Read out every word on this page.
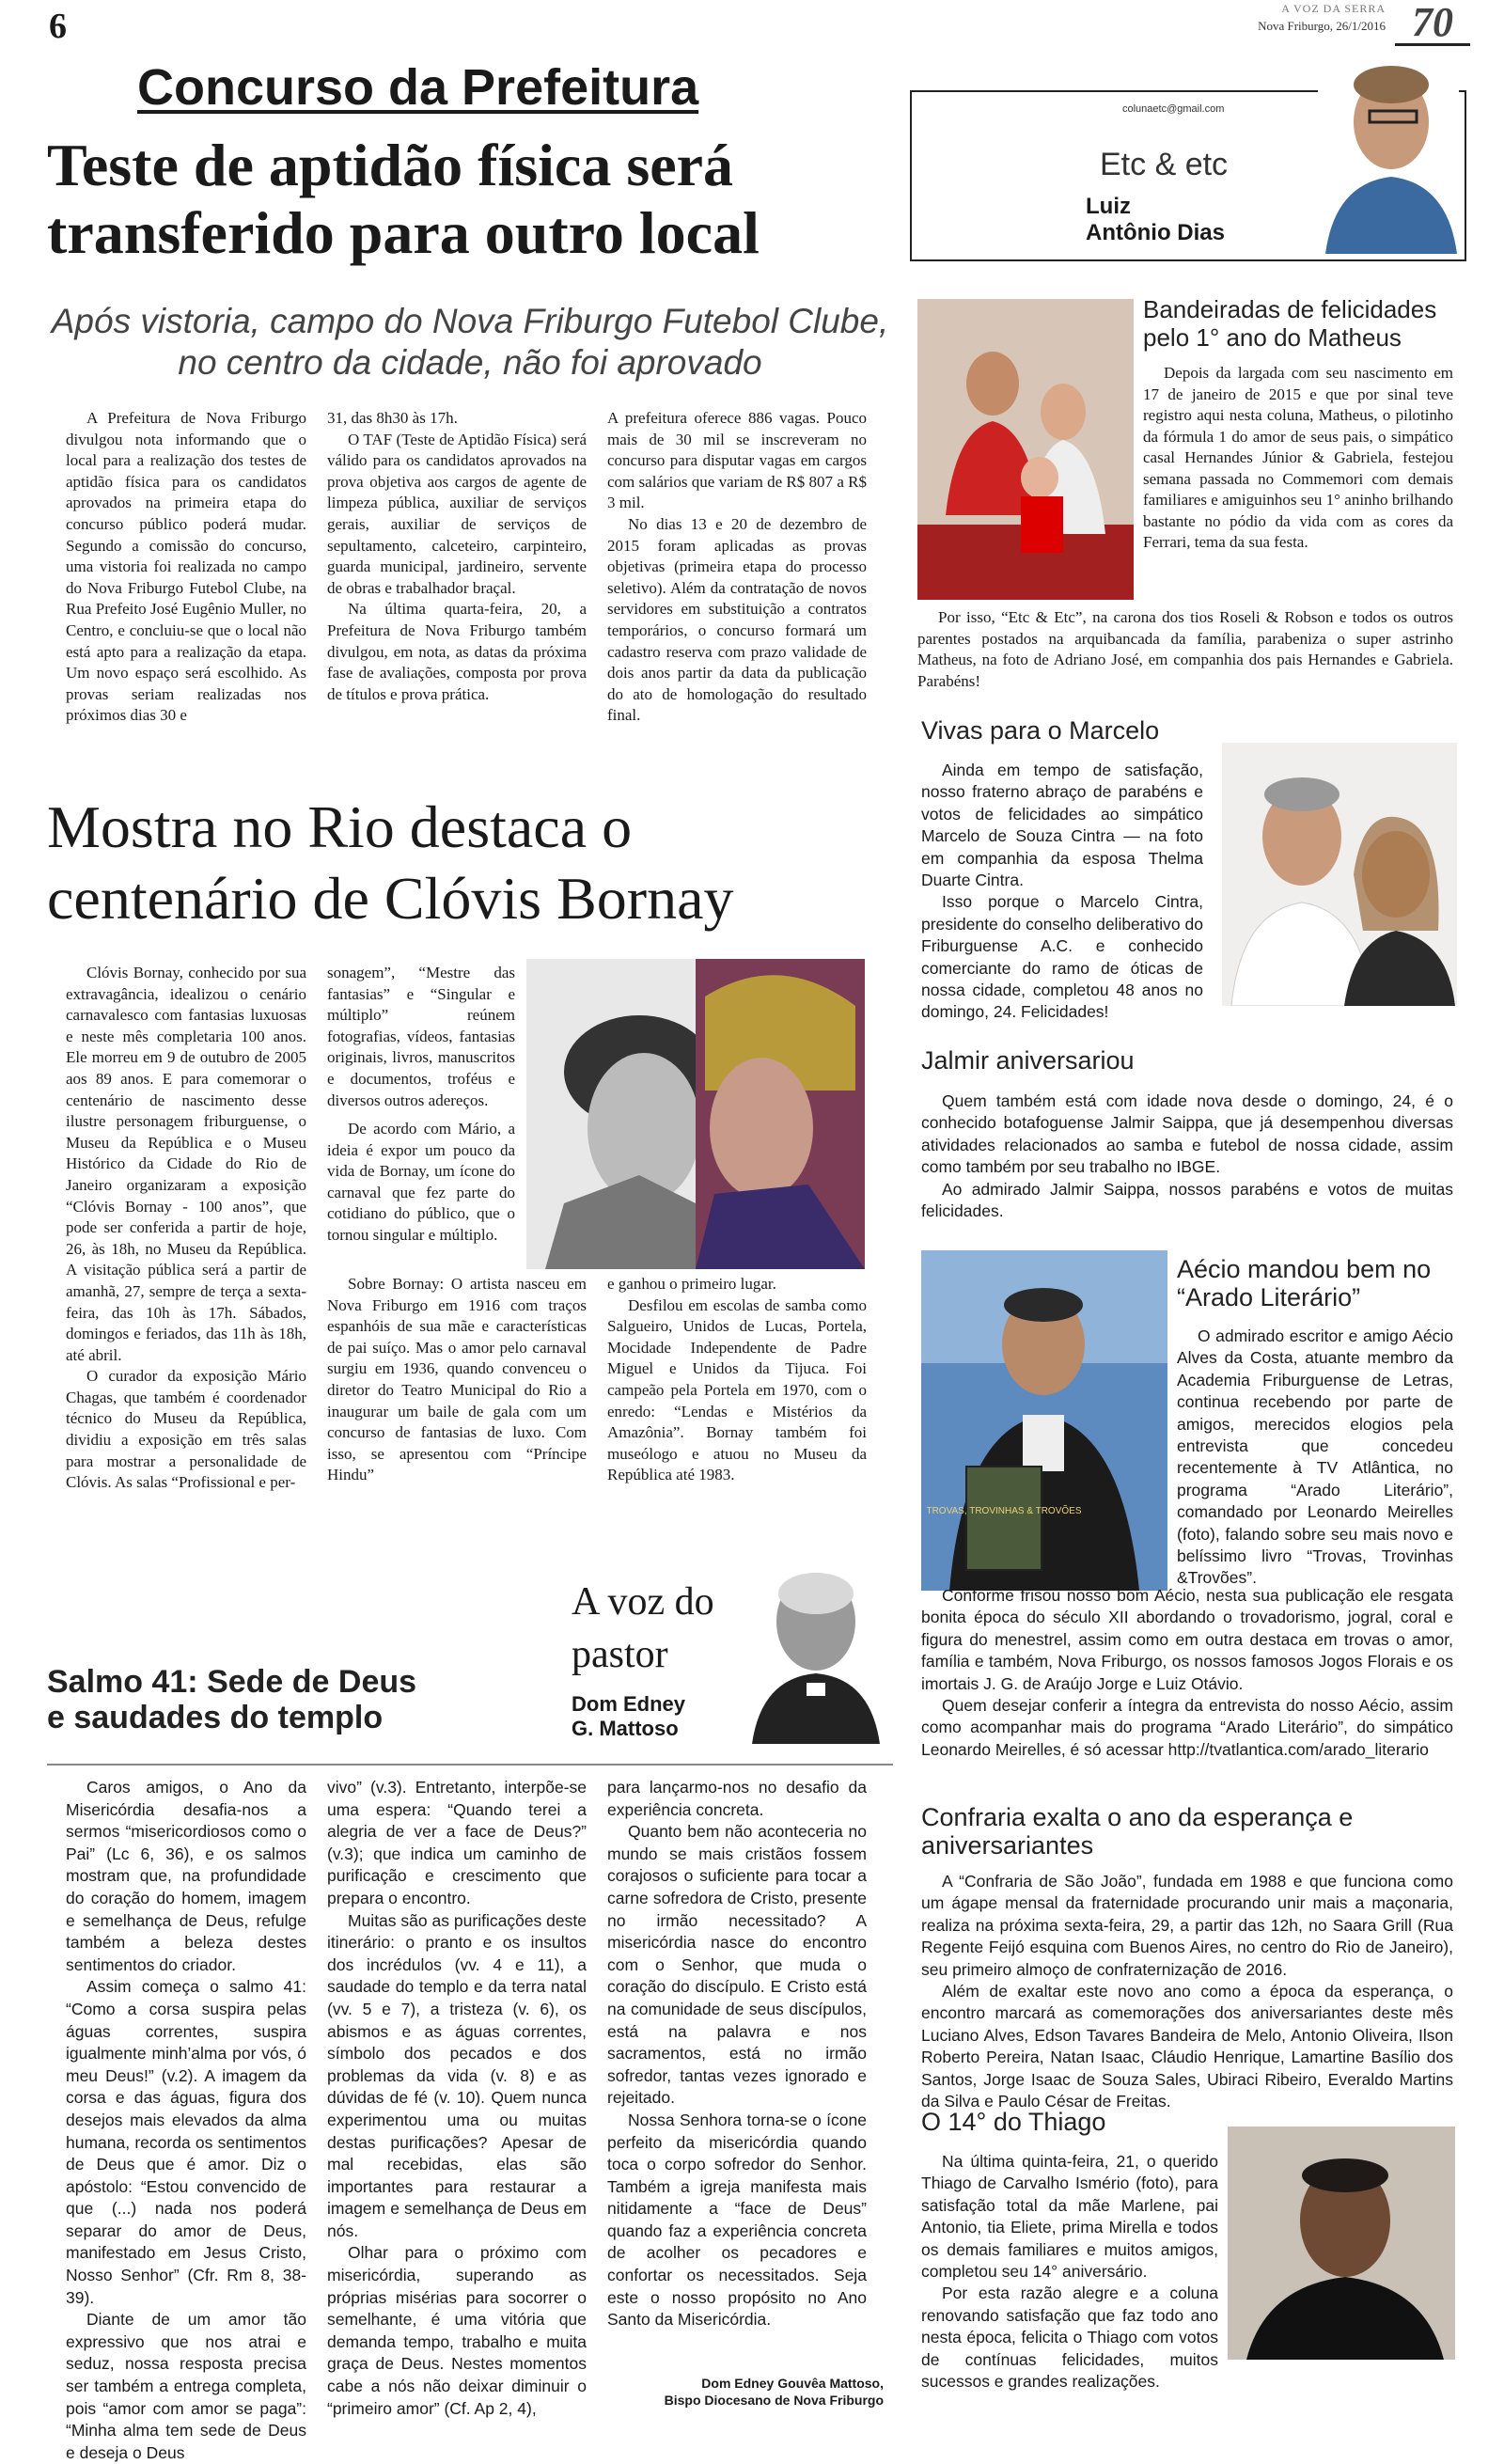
6	A VOZ DA SERRA
Nova Friburgo, 26/1/2016 70
Concurso da Prefeitura
Teste de aptidão física será transferido para outro local
Após vistoria, campo do Nova Friburgo Futebol Clube, no centro da cidade, não foi aprovado

A Prefeitura de Nova Friburgo divulgou nota informando que o local para a realização dos testes de aptidão física para os candidatos aprovados na primeira etapa do concurso público poderá mudar. Segundo a comissão do concurso, uma vistoria foi realizada no campo do Nova Friburgo Futebol Clube, na Rua Prefeito José Eugênio Muller, no Centro, e concluiu-se que o local não está apto para a realização da etapa. Um novo espaço será escolhido. As provas seriam realizadas nos próximos dias 30 e

31, das 8h30 às 17h.

O TAF (Teste de Aptidão Física) será válido para os candidatos aprovados na prova objetiva aos cargos de agente de limpeza pública, auxiliar de serviços gerais, auxiliar de serviços de sepultamento, calceteiro, carpinteiro, guarda municipal, jardineiro, servente de obras e trabalhador braçal.

Na última quarta-feira, 20, a Prefeitura de Nova Friburgo também divulgou, em nota, as datas da próxima fase de avaliações, composta por prova de títulos e prova prática.

A prefeitura oferece 886 vagas. Pouco mais de 30 mil se inscreveram no concurso para disputar vagas em cargos com salários que variam de R$ 807 a R$ 3 mil.

No dias 13 e 20 de dezembro de 2015 foram aplicadas as provas objetivas (primeira etapa do processo seletivo). Além da contratação de novos servidores em substituição a contratos temporários, o concurso formará um cadastro reserva com prazo validade de dois anos partir da data da publicação do ato de homologação do resultado final.

Mostra no Rio destaca o centenário de Clóvis Bornay

Clóvis Bornay, conhecido por sua extravagância, idealizou o cenário carnavalesco com fantasias luxuosas e neste mês completaria 100 anos. Ele morreu em 9 de outubro de 2005 aos 89 anos. E para comemorar o centenário de nascimento desse ilustre personagem friburguense, o Museu da República e o Museu Histórico da Cidade do Rio de Janeiro organizaram a exposição “Clóvis Bornay - 100 anos”, que pode ser conferida a partir de hoje, 26, às 18h, no Museu da República. A visitação pública será a partir de amanhã, 27, sempre de terça a sexta-feira, das 10h às 17h. Sábados, domingos e feriados, das 11h às 18h, até abril.

O curador da exposição Mário Chagas, que também é coordenador técnico do Museu da República, dividiu a exposição em três salas para mostrar a personalidade de Clóvis. As salas “Profissional e per-

sonagem”, “Mestre das fantasias” e “Singular e múltiplo” reúnem fotografias, vídeos, fantasias originais, livros, manuscritos e documentos, troféus e diversos outros adereços.

De acordo com Mário, a ideia é expor um pouco da vida de Bornay, um ícone do carnaval que fez parte do cotidiano do público, que o tornou singular e múltiplo.

Sobre Bornay: O artista nasceu em Nova Friburgo em 1916 com traços espanhóis de sua mãe e características de pai suíço. Mas o amor pelo carnaval surgiu em 1936, quando convenceu o diretor do Teatro Municipal do Rio a inaugurar um baile de gala com um concurso de fantasias de luxo. Com isso, se apresentou com “Príncipe Hindu”

e ganhou o primeiro lugar.

Desfilou em escolas de samba como Salgueiro, Unidos de Lucas, Portela, Mocidade Independente de Padre Miguel e Unidos da Tijuca. Foi campeão pela Portela em 1970, com o enredo: “Lendas e Mistérios da Amazônia”. Bornay também foi museólogo e atuou no Museu da República até 1983.

A voz do pastor
Dom Edney G. Mattoso
Salmo 41: Sede de Deus e saudades do templo

Caros amigos, o Ano da Misericórdia desafia-nos a sermos “misericordiosos como o Pai” (Lc 6, 36), e os salmos mostram que, na profundidade do coração do homem, imagem e semelhança de Deus, refulge também a beleza destes sentimentos do criador.

Assim começa o salmo 41: “Como a corsa suspira pelas águas correntes, suspira igualmente minh’alma por vós, ó meu Deus!” (v.2). A imagem da corsa e das águas, figura dos desejos mais elevados da alma humana, recorda os sentimentos de Deus que é amor. Diz o apóstolo: “Estou convencido de que (...) nada nos poderá separar do amor de Deus, manifestado em Jesus Cristo, Nosso Senhor” (Cfr. Rm 8, 38-39).

Diante de um amor tão expressivo que nos atrai e seduz, nossa resposta precisa ser também a entrega completa, pois “amor com amor se paga”: “Minha alma tem sede de Deus e deseja o Deus

vivo” (v.3). Entretanto, interpõe-se uma espera: “Quando terei a alegria de ver a face de Deus?” (v.3); que indica um caminho de purificação e crescimento que prepara o encontro.

Muitas são as purificações deste itinerário: o pranto e os insultos dos incrédulos (vv. 4 e 11), a saudade do templo e da terra natal (vv. 5 e 7), a tristeza (v. 6), os abismos e as águas correntes, símbolo dos pecados e dos problemas da vida (v. 8) e as dúvidas de fé (v. 10). Quem nunca experimentou uma ou muitas destas purificações? Apesar de mal recebidas, elas são importantes para restaurar a imagem e semelhança de Deus em nós.

Olhar para o próximo com misericórdia, superando as próprias misérias para socorrer o semelhante, é uma vitória que demanda tempo, trabalho e muita graça de Deus. Nestes momentos cabe a nós não deixar diminuir o “primeiro amor” (Cf. Ap 2, 4),

para lançarmo-nos no desafio da experiência concreta.

Quanto bem não aconteceria no mundo se mais cristãos fossem corajosos o suficiente para tocar a carne sofredora de Cristo, presente no irmão necessitado? A misericórdia nasce do encontro com o Senhor, que muda o coração do discípulo. E Cristo está na comunidade de seus discípulos, está na palavra e nos sacramentos, está no irmão sofredor, tantas vezes ignorado e rejeitado.

Nossa Senhora torna-se o ícone perfeito da misericórdia quando toca o corpo sofredor do Senhor. Também a igreja manifesta mais nitidamente a “face de Deus” quando faz a experiência concreta de acolher os pecadores e confortar os necessitados. Seja este o nosso propósito no Ano Santo da Misericórdia.

Dom Edney Gouvêa Mattoso,
Bispo Diocesano de Nova Friburgo
colunaetc@gmail.com
Etc & etc
Luiz
Antônio Dias
Bandeiradas de felicidades pelo 1° ano do Matheus

Depois da largada com seu nascimento em 17 de janeiro de 2015 e que por sinal teve registro aqui nesta coluna, Matheus, o pilotinho da fórmula 1 do amor de seus pais, o simpático casal Hernandes Júnior & Gabriela, festejou semana passada no Commemori com demais familiares e amiguinhos seu 1° aninho brilhando bastante no pódio da vida com as cores da Ferrari, tema da sua festa.

Por isso, “Etc & Etc”, na carona dos tios Roseli & Robson e todos os outros parentes postados na arquibancada da família, parabeniza o super astrinho Matheus, na foto de Adriano José, em companhia dos pais Hernandes e Gabriela. Parabéns!

Vivas para o Marcelo

Ainda em tempo de satisfação, nosso fraterno abraço de parabéns e votos de felicidades ao simpático Marcelo de Souza Cintra — na foto em companhia da esposa Thelma Duarte Cintra.

Isso porque o Marcelo Cintra, presidente do conselho deliberativo do Friburguense A.C. e conhecido comerciante do ramo de óticas de nossa cidade, completou 48 anos no domingo, 24. Felicidades!

Jalmir aniversariou

Quem também está com idade nova desde o domingo, 24, é o conhecido botafoguense Jalmir Saippa, que já desempenhou diversas atividades relacionados ao samba e futebol de nossa cidade, assim como também por seu trabalho no IBGE.

Ao admirado Jalmir Saippa, nossos parabéns e votos de muitas felicidades.

TROVAS, TROVINHAS & TROVÕES
Aécio mandou bem no “Arado Literário”

O admirado escritor e amigo Aécio Alves da Costa, atuante membro da Academia Friburguense de Letras, continua recebendo por parte de amigos, merecidos elogios pela entrevista que concedeu recentemente à TV Atlântica, no programa “Arado Literário”, comandado por Leonardo Meirelles (foto), falando sobre seu mais novo e belíssimo livro “Trovas, Trovinhas &Trovões”.

Conforme frisou nosso bom Aécio, nesta sua publicação ele resgata bonita época do século XII abordando o trovadorismo, jogral, coral e figura do menestrel, assim como em outra destaca em trovas o amor, família e também, Nova Friburgo, os nossos famosos Jogos Florais e os imortais J. G. de Araújo Jorge e Luiz Otávio.

Quem desejar conferir a íntegra da entrevista do nosso Aécio, assim como acompanhar mais do programa “Arado Literário”, do simpático Leonardo Meirelles, é só acessar http://tvatlantica.com/arado_literario

Confraria exalta o ano da esperança e aniversariantes

A “Confraria de São João”, fundada em 1988 e que funciona como um ágape mensal da fraternidade procurando unir mais a maçonaria, realiza na próxima sexta-feira, 29, a partir das 12h, no Saara Grill (Rua Regente Feijó esquina com Buenos Aires, no centro do Rio de Janeiro), seu primeiro almoço de confraternização de 2016.

Além de exaltar este novo ano como a época da esperança, o encontro marcará as comemorações dos aniversariantes deste mês Luciano Alves, Edson Tavares Bandeira de Melo, Antonio Oliveira, Ilson Roberto Pereira, Natan Isaac, Cláudio Henrique, Lamartine Basílio dos Santos, Jorge Isaac de Souza Sales, Ubiraci Ribeiro, Everaldo Martins da Silva e Paulo César de Freitas.

O 14° do Thiago

Na última quinta-feira, 21, o querido Thiago de Carvalho Ismério (foto), para satisfação total da mãe Marlene, pai Antonio, tia Eliete, prima Mirella e todos os demais familiares e muitos amigos, completou seu 14° aniversário.

Por esta razão alegre e a coluna renovando satisfação que faz todo ano nesta época, felicita o Thiago com votos de contínuas felicidades, muitos sucessos e grandes realizações.
